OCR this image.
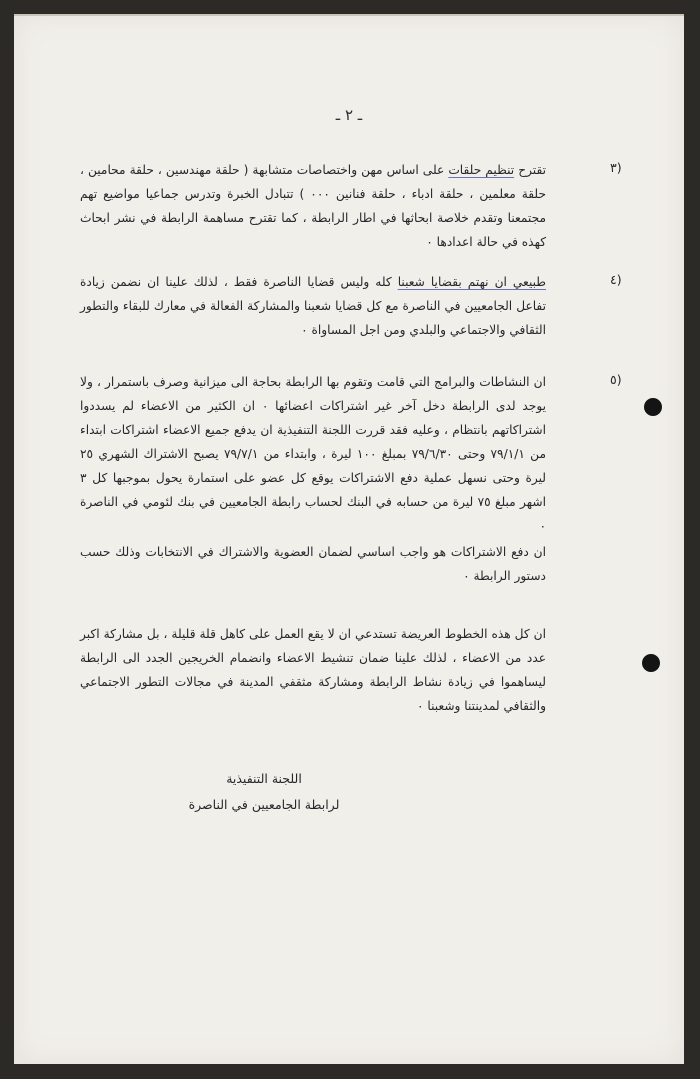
ـ ٢ ـ
٣)
تقترح تنظيم حلقات على اساس مهن واختصاصات متشابهة ( حلقة مهندسين ، حلقة محامين ، حلقة معلمين ، حلقة ادباء ، حلقة فنانين ٠٠٠ ) تتبادل الخبرة وتدرس جماعيا مواضيع تهم مجتمعنا وتقدم خلاصة ابحاثها في اطار الرابطة ، كما تقترح مساهمة الرابطة في نشر ابحاث كهذه في حالة اعدادها ٠
٤)
طبيعي ان نهتم بقضايا شعبنا كله وليس قضايا الناصرة فقط ، لذلك علينا ان نضمن زيادة تفاعل الجامعيين في الناصرة مع كل قضايا شعبنا والمشاركة الفعالة في معارك للبقاء والتطور الثقافي والاجتماعي والبلدي ومن اجل المساواة ٠
٥)
ان النشاطات والبرامج التي قامت وتقوم بها الرابطة بحاجة الى ميزانية وصرف باستمرار ، ولا يوجد لدى الرابطة دخل آخر غير اشتراكات اعضائها ٠ ان الكثير من الاعضاء لم يسددوا اشتراكاتهم بانتظام ، وعليه فقد قررت اللجنة التنفيذية ان يدفع جميع الاعضاء اشتراكات ابتداء من ٧٩/١/١ وحتى ٧٩/٦/٣٠ بمبلغ ١٠٠ ليرة ، وابتداء من ٧٩/٧/١ يصبح الاشتراك الشهري ٢٥ ليرة وحتى نسهل عملية دفع الاشتراكات يوقع كل عضو على استمارة يحول بموجبها كل ٣ اشهر مبلغ ٧٥ ليرة من حسابه في البنك لحساب رابطة الجامعيين في بنك لئومي في الناصرة ٠
ان دفع الاشتراكات هو واجب اساسي لضمان العضوية والاشتراك في الانتخابات وذلك حسب دستور الرابطة ٠
ان كل هذه الخطوط العريضة تستدعي ان لا يقع العمل على كاهل قلة قليلة ، بل مشاركة اكبر عدد من الاعضاء ، لذلك علينا ضمان تنشيط الاعضاء وانضمام الخريجين الجدد الى الرابطة ليساهموا في زيادة نشاط الرابطة ومشاركة مثقفي المدينة في مجالات التطور الاجتماعي والثقافي لمدينتنا وشعبنا ٠
اللجنة التنفيذية
لرابطة الجامعيين في الناصرة
